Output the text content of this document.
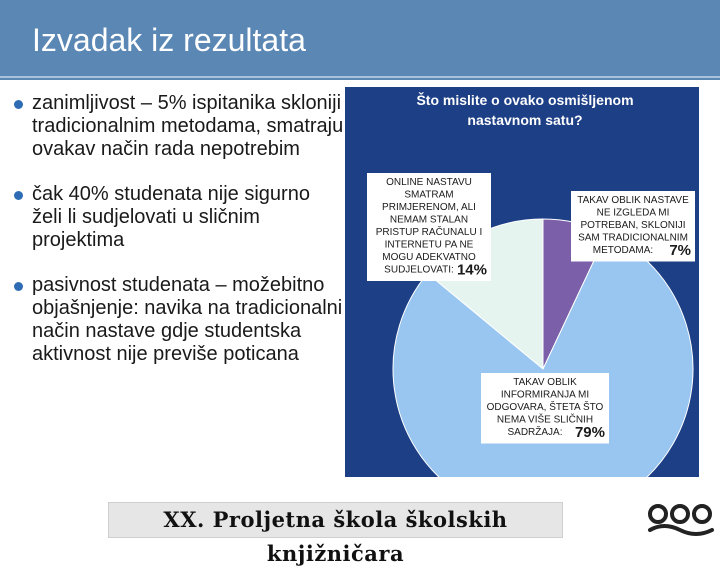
Izvadak iz rezultata
zanimljivost – 5% ispitanika skloniji tradicionalnim metodama, smatraju ovakav način rada nepotrebim
čak 40% studenata nije sigurno želi li sudjelovati u sličnim projektima
pasivnost studenata – možebitno objašnjenje: navika na tradicionalni način nastave gdje studentska aktivnost nije previše poticana
Što mislite o ovako osmišljenom nastavnom satu?
ONLINE NASTAVU SMATRAM PRIMJERENOM, ALI NEMAM STALAN PRISTUP RAČUNALU I INTERNETU PA NE MOGU ADEKVATNO SUDJELOVATI: 14%
TAKAV OBLIK NASTAVE NE IZGLEDA MI POTREBAN, SKLONIJI SAM TRADICIONALNIM METODAMA:	7%
TAKAV OBLIK INFORMIRANJA MI ODGOVARA, ŠTETA ŠTO NEMA VIŠE SLIČNIH SADRŽAJA: 79%
XX. Proljetna škola školskih knjižničara
